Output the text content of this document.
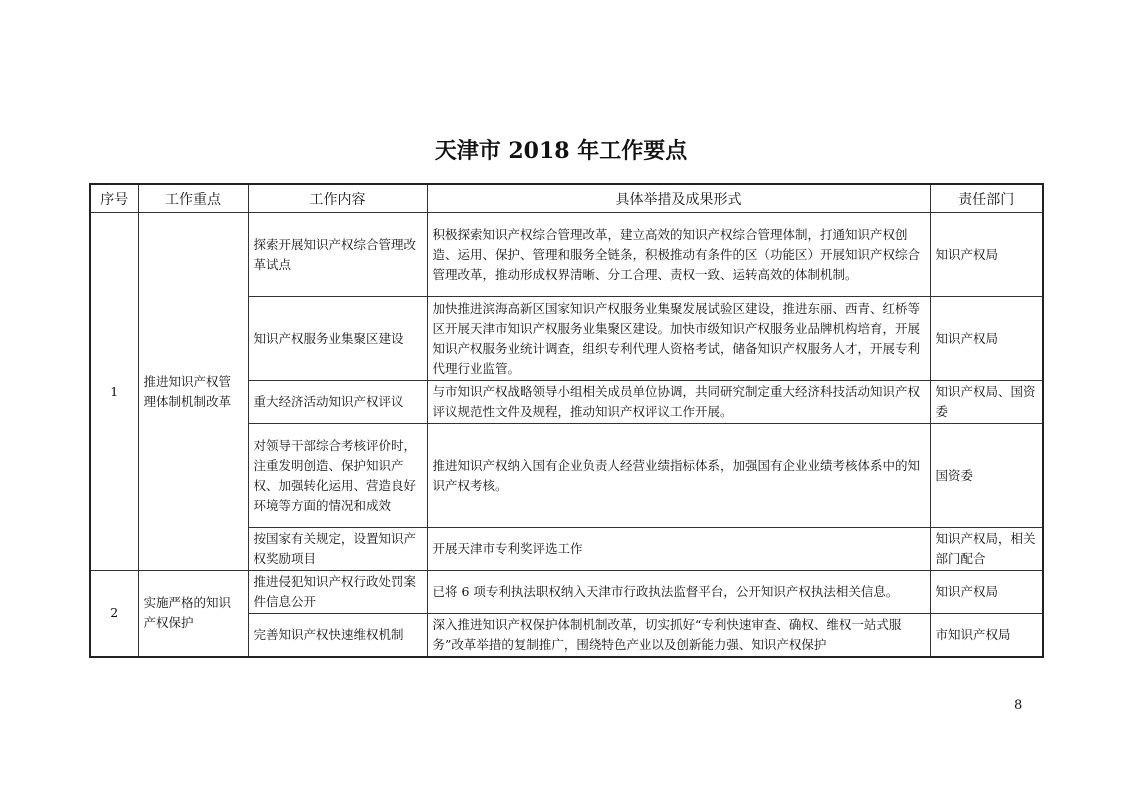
天津市 2018 年工作要点
序号	工作重点	工作内容	具体举措及成果形式	责任部门
1	推进知识产权管理体制机制改革	探索开展知识产权综合管理改革试点	积极探索知识产权综合管理改革，建立高效的知识产权综合管理体制，打通知识产权创造、运用、保护、管理和服务全链条，积极推动有条件的区（功能区）开展知识产权综合管理改革，推动形成权界清晰、分工合理、责权一致、运转高效的体制机制。	知识产权局
		知识产权服务业集聚区建设	加快推进滨海高新区国家知识产权服务业集聚发展试验区建设，推进东丽、西青、红桥等区开展天津市知识产权服务业集聚区建设。加快市级知识产权服务业品牌机构培育，开展知识产权服务业统计调查，组织专利代理人资格考试，储备知识产权服务人才，开展专利代理行业监管。	知识产权局
		重大经济活动知识产权评议	与市知识产权战略领导小组相关成员单位协调，共同研究制定重大经济科技活动知识产权评议规范性文件及规程，推动知识产权评议工作开展。	知识产权局、国资委
		对领导干部综合考核评价时，注重发明创造、保护知识产权、加强转化运用、营造良好环境等方面的情况和成效	推进知识产权纳入国有企业负责人经营业绩指标体系，加强国有企业业绩考核体系中的知识产权考核。	国资委
		按国家有关规定，设置知识产权奖励项目	开展天津市专利奖评选工作	知识产权局，相关部门配合
2	实施严格的知识产权保护	推进侵犯知识产权行政处罚案件信息公开	已将 6 项专利执法职权纳入天津市行政执法监督平台，公开知识产权执法相关信息。	知识产权局
		完善知识产权快速维权机制	深入推进知识产权保护体制机制改革，切实抓好“专利快速审查、确权、维权一站式服务”改革举措的复制推广，围绕特色产业以及创新能力强、知识产权保护	市知识产权局
8
